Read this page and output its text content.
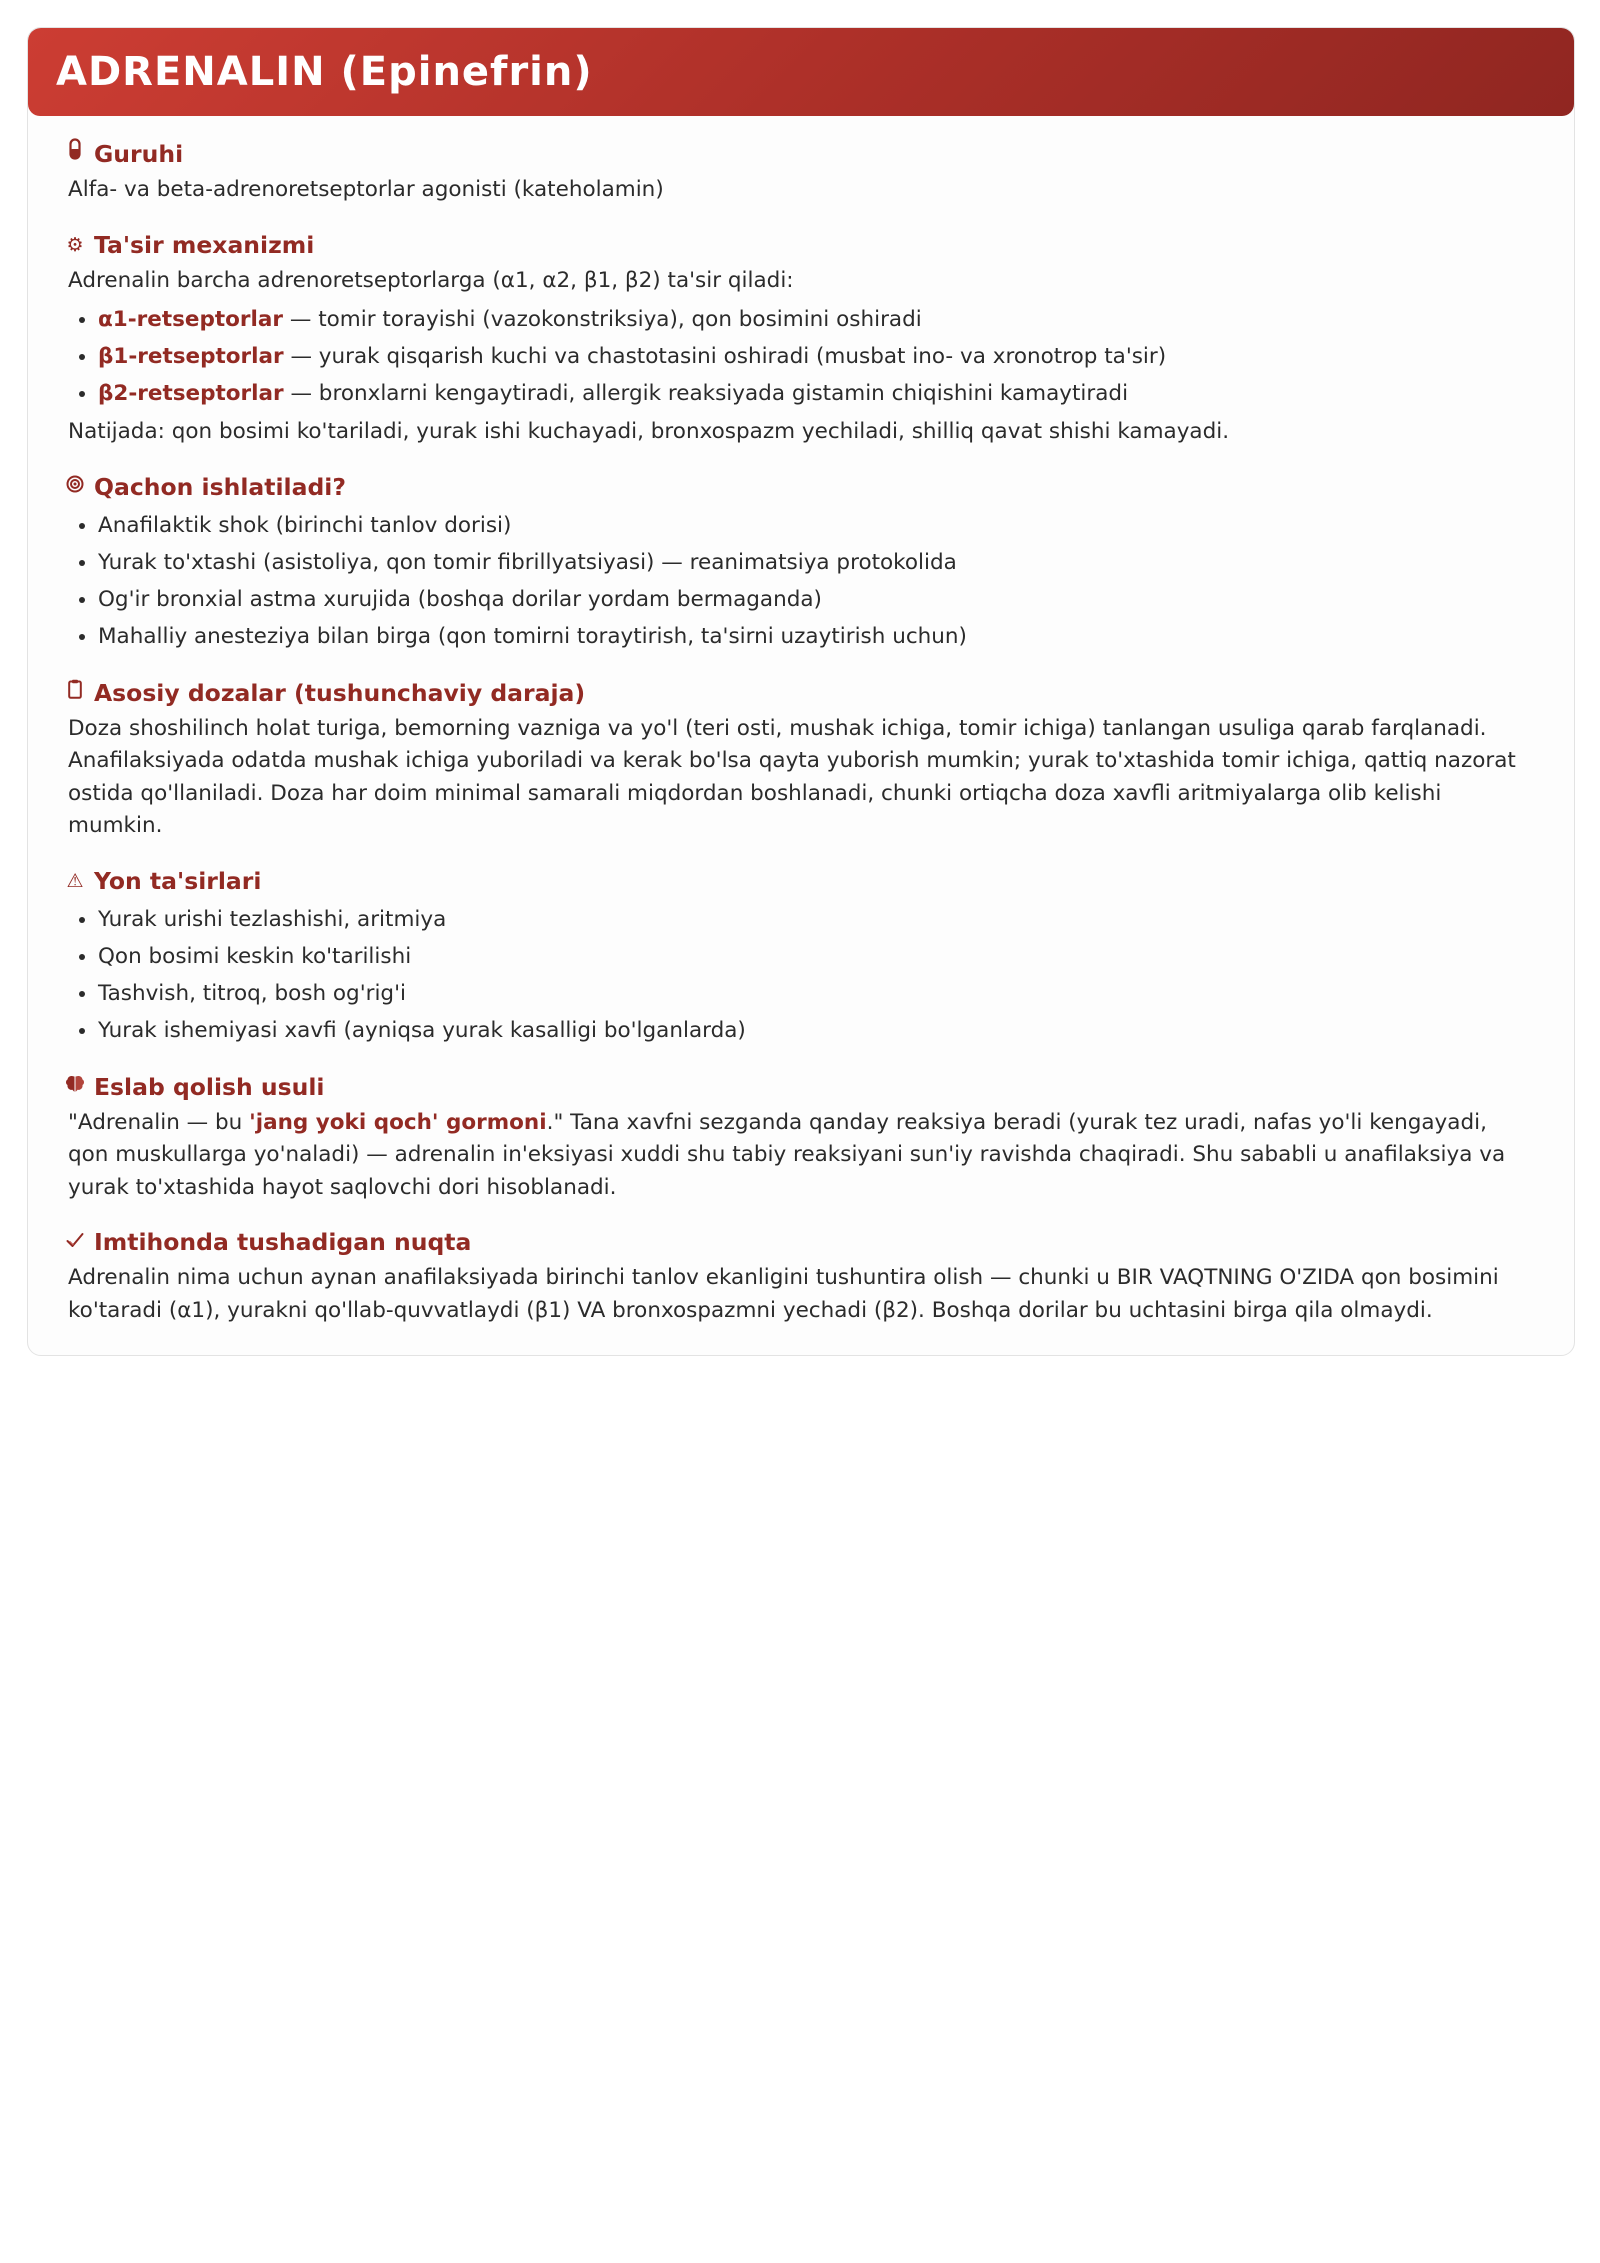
ADRENALIN (Epinefrin)
Guruhi

Alfa- va beta-adrenoretseptorlar agonisti (kateholamin)

⚙ Ta'sir mexanizmi

Adrenalin barcha adrenoretseptorlarga (α1, α2, β1, β2) ta'sir qiladi:

• α1-retseptorlar — tomir torayishi (vazokonstriksiya), qon bosimini oshiradi
• β1-retseptorlar — yurak qisqarish kuchi va chastotasini oshiradi (musbat ino- va xronotrop ta'sir)
• β2-retseptorlar — bronxlarni kengaytiradi, allergik reaksiyada gistamin chiqishini kamaytiradi

Natijada: qon bosimi ko'tariladi, yurak ishi kuchayadi, bronxospazm yechiladi, shilliq qavat shishi kamayadi.

Qachon ishlatiladi?
• Anafilaktik shok (birinchi tanlov dorisi)
• Yurak to'xtashi (asistoliya, qon tomir fibrillyatsiyasi) — reanimatsiya protokolida
• Og'ir bronxial astma xurujida (boshqa dorilar yordam bermaganda)
• Mahalliy anesteziya bilan birga (qon tomirni toraytirish, ta'sirni uzaytirish uchun)
Asosiy dozalar (tushunchaviy daraja)

Doza shoshilinch holat turiga, bemorning vazniga va yo'l (teri osti, mushak ichiga, tomir ichiga) tanlangan usuliga qarab farqlanadi. Anafilaksiyada odatda mushak ichiga yuboriladi va kerak bo'lsa qayta yuborish mumkin; yurak to'xtashida tomir ichiga, qattiq nazorat ostida qo'llaniladi. Doza har doim minimal samarali miqdordan boshlanadi, chunki ortiqcha doza xavfli aritmiyalarga olib kelishi mumkin.

⚠ Yon ta'sirlari
• Yurak urishi tezlashishi, aritmiya
• Qon bosimi keskin ko'tarilishi
• Tashvish, titroq, bosh og'rig'i
• Yurak ishemiyasi xavfi (ayniqsa yurak kasalligi bo'lganlarda)
Eslab qolish usuli

"Adrenalin — bu 'jang yoki qoch' gormoni." Tana xavfni sezganda qanday reaksiya beradi (yurak tez uradi, nafas yo'li kengayadi, qon muskullarga yo'naladi) — adrenalin in'eksiyasi xuddi shu tabiy reaksiyani sun'iy ravishda chaqiradi. Shu sababli u anafilaksiya va yurak to'xtashida hayot saqlovchi dori hisoblanadi.

Imtihonda tushadigan nuqta

Adrenalin nima uchun aynan anafilaksiyada birinchi tanlov ekanligini tushuntira olish — chunki u BIR VAQTNING O'ZIDA qon bosimini ko'taradi (α1), yurakni qo'llab-quvvatlaydi (β1) VA bronxospazmni yechadi (β2). Boshqa dorilar bu uchtasini birga qila olmaydi.
